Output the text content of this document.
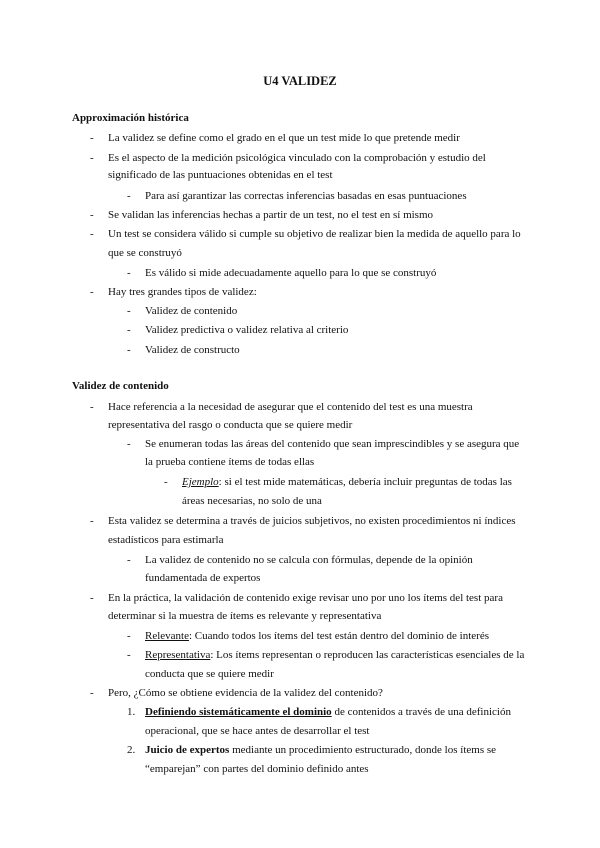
U4 VALIDEZ
Approximación histórica
- La validez se define como el grado en el que un test mide lo que pretende medir
- Es el aspecto de la medición psicológica vinculado con la comprobación y estudio del
significado de las puntuaciones obtenidas en el test
- Para así garantizar las correctas inferencias basadas en esas puntuaciones
- Se validan las inferencias hechas a partir de un test, no el test en sí mismo
- Un test se considera válido si cumple su objetivo de realizar bien la medida de aquello para lo
que se construyó
- Es válido si mide adecuadamente aquello para lo que se construyó
- Hay tres grandes tipos de validez:
- Validez de contenido
- Validez predictiva o validez relativa al criterio
- Validez de constructo
Validez de contenido
- Hace referencia a la necesidad de asegurar que el contenido del test es una muestra
representativa del rasgo o conducta que se quiere medir
- Se enumeran todas las áreas del contenido que sean imprescindibles y se asegura que
la prueba contiene ítems de todas ellas
- Ejemplo: si el test mide matemáticas, debería incluir preguntas de todas las
áreas necesarias, no solo de una
- Esta validez se determina a través de juicios subjetivos, no existen procedimientos ni índices
estadísticos para estimarla
- La validez de contenido no se calcula con fórmulas, depende de la opinión
fundamentada de expertos
- En la práctica, la validación de contenido exige revisar uno por uno los ítems del test para
determinar si la muestra de ítems es relevante y representativa
- Relevante: Cuando todos los ítems del test están dentro del dominio de interés
- Representativa: Los ítems representan o reproducen las características esenciales de la
conducta que se quiere medir
- Pero, ¿Cómo se obtiene evidencia de la validez del contenido?
1. Definiendo sistemáticamente el dominio de contenidos a través de una definición
operacional, que se hace antes de desarrollar el test
2. Juicio de expertos mediante un procedimiento estructurado, donde los ítems se
“emparejan” con partes del dominio definido antes
